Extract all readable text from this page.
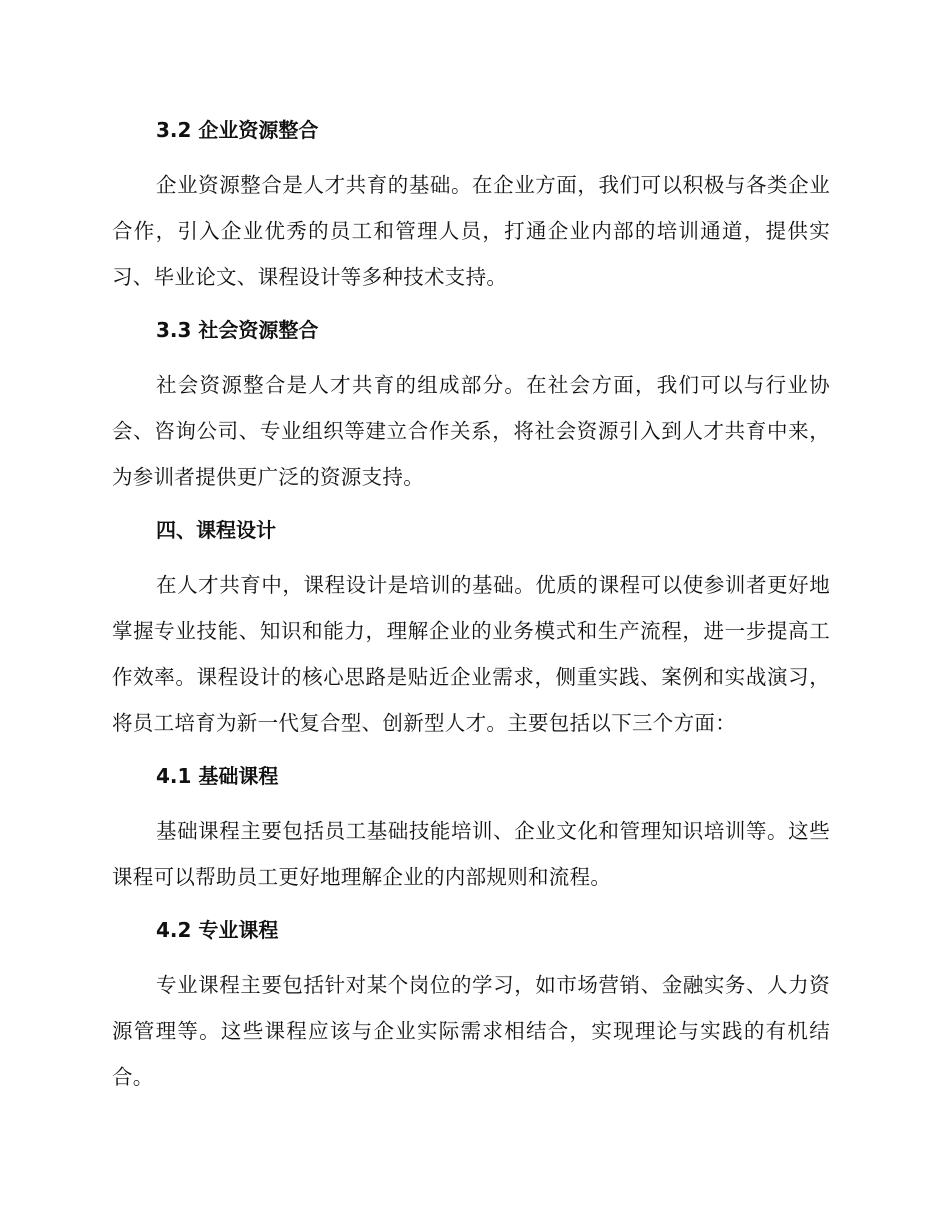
3.2 企业资源整合

企业资源整合是人才共育的基础。在企业方面，我们可以积极与各类企业合作，引入企业优秀的员工和管理人员，打通企业内部的培训通道，提供实习、毕业论文、课程设计等多种技术支持。

3.3 社会资源整合

社会资源整合是人才共育的组成部分。在社会方面，我们可以与行业协会、咨询公司、专业组织等建立合作关系，将社会资源引入到人才共育中来，为参训者提供更广泛的资源支持。

四、课程设计

在人才共育中，课程设计是培训的基础。优质的课程可以使参训者更好地掌握专业技能、知识和能力，理解企业的业务模式和生产流程，进一步提高工作效率。课程设计的核心思路是贴近企业需求，侧重实践、案例和实战演习，将员工培育为新一代复合型、创新型人才。主要包括以下三个方面：

4.1 基础课程

基础课程主要包括员工基础技能培训、企业文化和管理知识培训等。这些课程可以帮助员工更好地理解企业的内部规则和流程。

4.2 专业课程

专业课程主要包括针对某个岗位的学习，如市场营销、金融实务、人力资源管理等。这些课程应该与企业实际需求相结合，实现理论与实践的有机结合。
